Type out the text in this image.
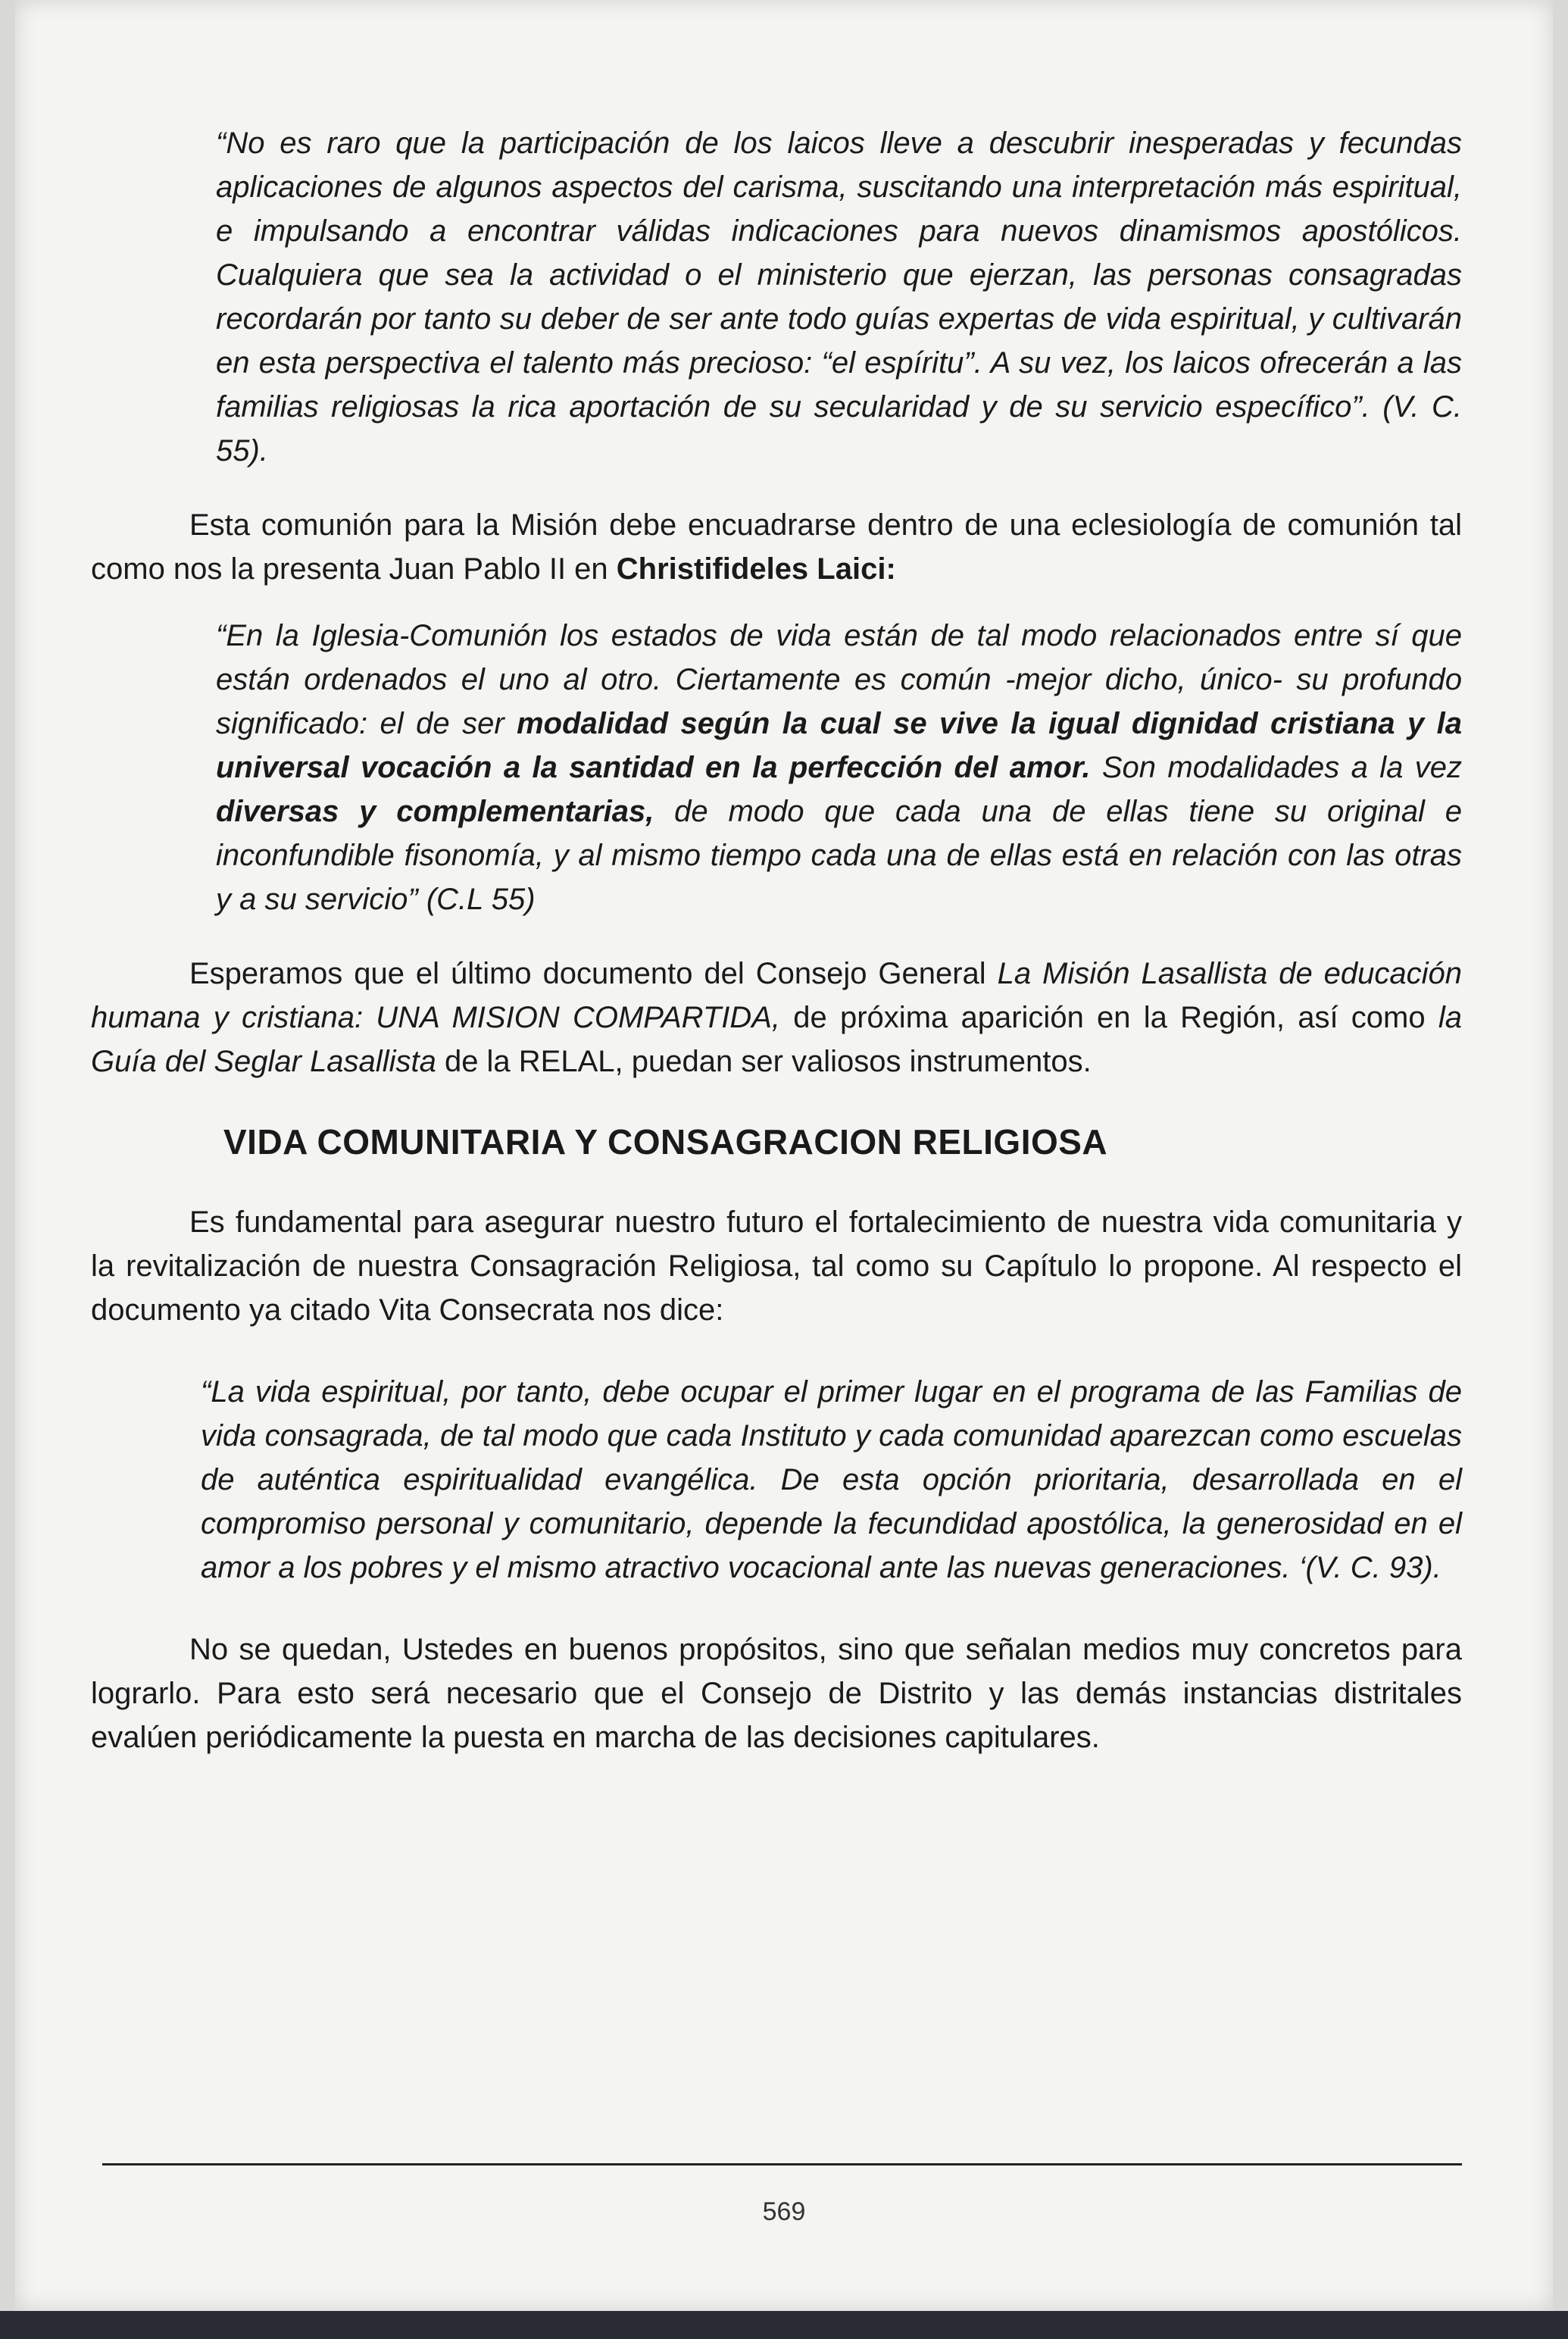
“No es raro que la participación de los laicos lleve a descubrir inesperadas y fecundas aplicaciones de algunos aspectos del carisma, suscitando una interpretación más espiritual, e impulsando a encontrar válidas indicaciones para nuevos dinamismos apostólicos. Cualquiera que sea la actividad o el ministerio que ejerzan, las personas consagradas recordarán por tanto su deber de ser ante todo guías expertas de vida espiritual, y cultivarán en esta perspectiva el talento más precioso: “el espíritu”. A su vez, los laicos ofrecerán a las familias religiosas la rica aportación de su secularidad y de su servicio específico”. (V. C. 55).

Esta comunión para la Misión debe encuadrarse dentro de una eclesiología de comunión tal como nos la presenta Juan Pablo II en Christifideles Laici:

“En la Iglesia-Comunión los estados de vida están de tal modo relacionados entre sí que están ordenados el uno al otro. Ciertamente es común -mejor dicho, único- su profundo significado: el de ser modalidad según la cual se vive la igual dignidad cristiana y la universal vocación a la santidad en la perfección del amor. Son modalidades a la vez diversas y complementarias, de modo que cada una de ellas tiene su original e inconfundible fisonomía, y al mismo tiempo cada una de ellas está en relación con las otras y a su servicio” (C.L 55)

Esperamos que el último documento del Consejo General La Misión Lasallista de educación humana y cristiana: UNA MISION COMPARTIDA, de próxima aparición en la Región, así como la Guía del Seglar Lasallista de la RELAL, puedan ser valiosos instrumentos.

VIDA COMUNITARIA Y CONSAGRACION RELIGIOSA

Es fundamental para asegurar nuestro futuro el fortalecimiento de nuestra vida comunitaria y la revitalización de nuestra Consagración Religiosa, tal como su Capítulo lo propone. Al respecto el documento ya citado Vita Consecrata nos dice:

“La vida espiritual, por tanto, debe ocupar el primer lugar en el programa de las Familias de vida consagrada, de tal modo que cada Instituto y cada comunidad aparezcan como escuelas de auténtica espiritualidad evangélica. De esta opción prioritaria, desarrollada en el compromiso personal y comunitario, depende la fecundidad apostólica, la generosidad en el amor a los pobres y el mismo atractivo vocacional ante las nuevas generaciones. ‘(V. C. 93).

No se quedan, Ustedes en buenos propósitos, sino que señalan medios muy concretos para lograrlo. Para esto será necesario que el Consejo de Distrito y las demás instancias distritales evalúen periódicamente la puesta en marcha de las decisiones capitulares.

569
